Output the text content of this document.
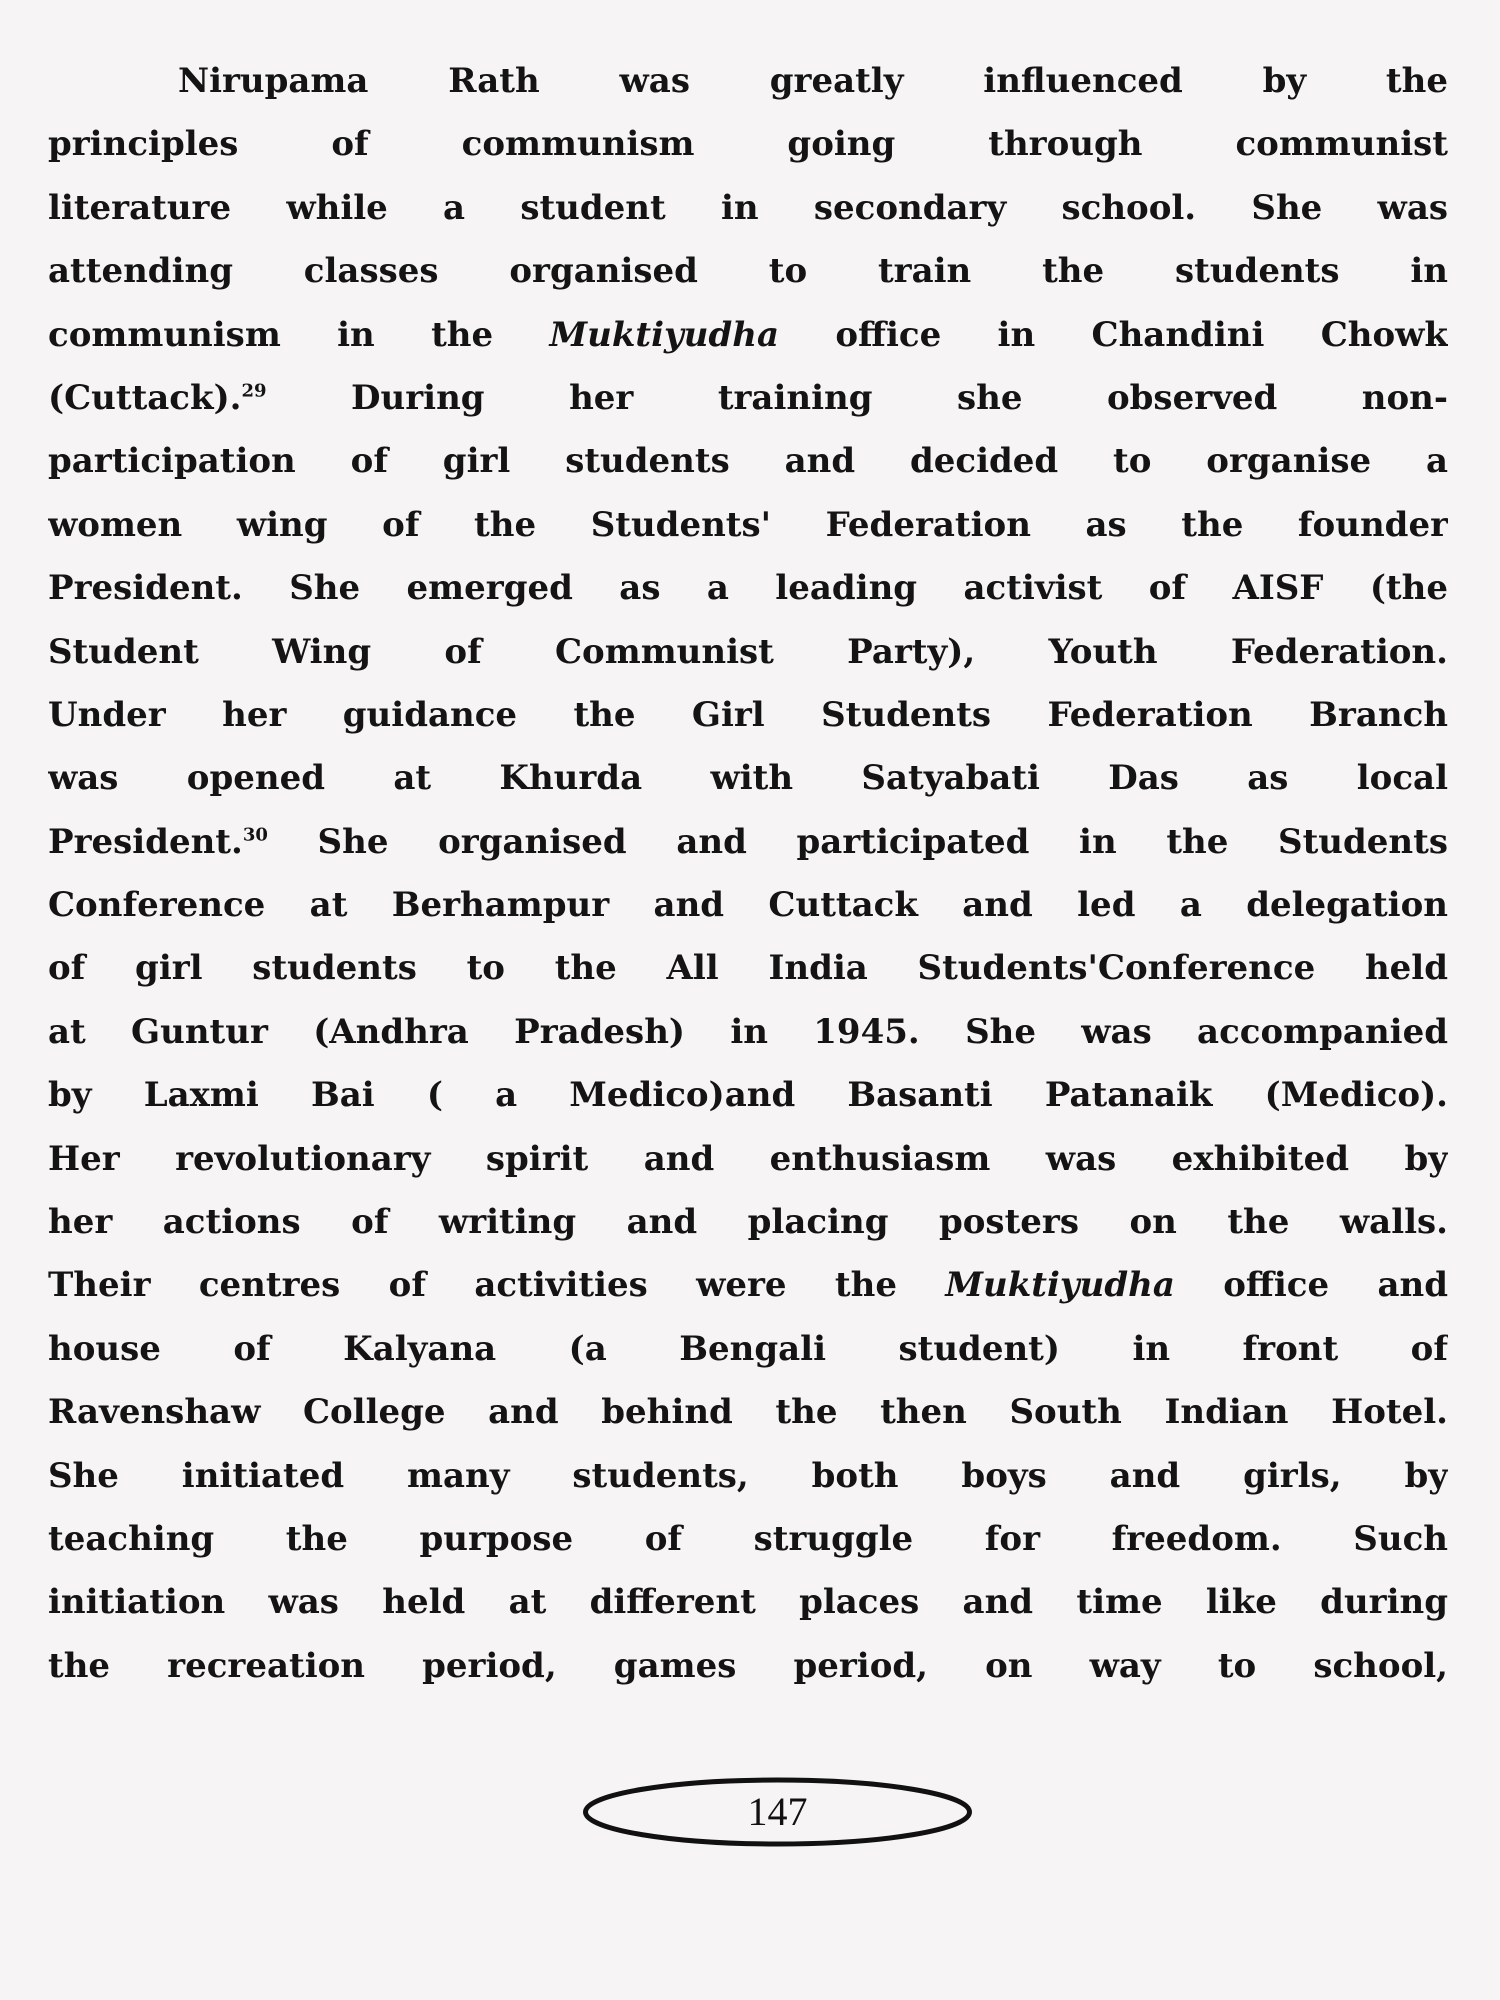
Nirupama Rath was greatly influenced by the
principles of communism going through communist
literature while a student in secondary school. She was
attending classes organised to train the students in
communism in the Muktiyudha office in Chandini Chowk
(Cuttack).$^{29}$ During her training she observed non-
participation of girl students and decided to organise a
women wing of the Students' Federation as the founder
President. She emerged as a leading activist of AISF (the
Student Wing of Communist Party), Youth Federation.
Under her guidance the Girl Students Federation Branch
was opened at Khurda with Satyabati Das as local
President.$^{30}$ She organised and participated in the Students
Conference at Berhampur and Cuttack and led a delegation
of girl students to the All India Students'Conference held
at Guntur (Andhra Pradesh) in 1945. She was accompanied
by Laxmi Bai ( a Medico)and Basanti Patanaik (Medico).
Her revolutionary spirit and enthusiasm was exhibited by
her actions of writing and placing posters on the walls.
Their centres of activities were the Muktiyudha office and
house of Kalyana (a Bengali student) in front of
Ravenshaw College and behind the then South Indian Hotel.
She initiated many students, both boys and girls, by
teaching the purpose of struggle for freedom. Such
initiation was held at different places and time like during
the recreation period, games period, on way to school,
147
